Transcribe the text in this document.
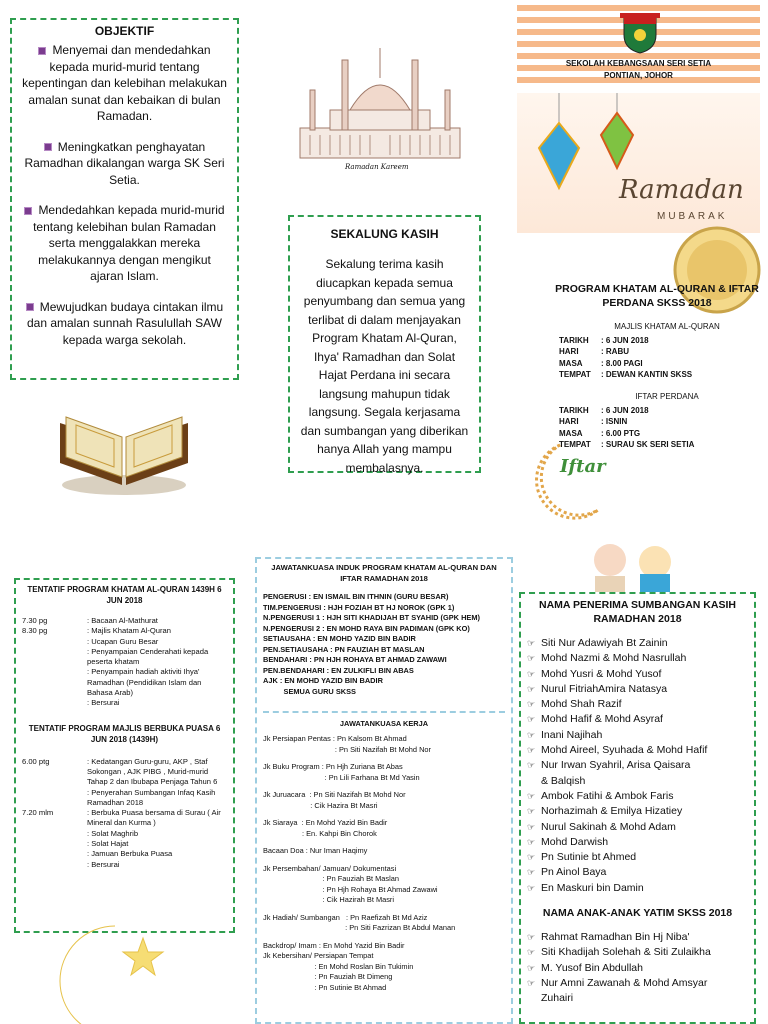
OBJEKTIF
Menyemai dan mendedahkan kepada murid-murid tentang kepentingan dan kelebihan melakukan amalan sunat dan kebaikan di bulan Ramadan.
Meningkatkan penghayatan Ramadhan dikalangan warga SK Seri Setia.
Mendedahkan kepada murid-murid tentang kelebihan bulan Ramadan serta menggalakkan mereka melakukannya dengan mengikut ajaran Islam.
Mewujudkan budaya cintakan ilmu dan amalan sunnah Rasulullah SAW kepada warga sekolah.
Ramadan Kareem
SEKALUNG KASIH

Sekalung terima kasih diucapkan kepada semua penyumbang dan semua yang terlibat di dalam menjayakan Program Khatam Al-Quran, Ihya' Ramadhan dan Solat Hajat Perdana ini secara langsung mahupun tidak langsung. Segala kerjasama dan sumbangan yang diberikan hanya Allah yang mampu membalasnya.

SEKOLAH KEBANGSAAN SERI SETIA
PONTIAN, JOHOR
Ramadan
MUBARAK
PROGRAM KHATAM AL-QURAN & IFTAR PERDANA SKSS 2018
MAJLIS KHATAM AL-QURAN
TARIKH	: 6 JUN 2018
HARI	: RABU
MASA	: 8.00 PAGI
TEMPAT	: DEWAN KANTIN SKSS
IFTAR PERDANA
TARIKH	: 6 JUN 2018
HARI	: ISNIN
MASA	: 6.00 PTG
TEMPAT	: SURAU SK SERI SETIA
Iftar
TENTATIF PROGRAM KHATAM AL-QURAN 1439H 6 JUN 2018
7.30 pg	: Bacaan Al-Mathurat
8.30 pg	: Majlis Khatam Al-Quran
: Ucapan Guru Besar
: Penyampaian Cenderahati kepada peserta khatam
: Penyampain hadiah aktiviti Ihya' Ramadhan (Pendidikan Islam dan Bahasa Arab)
: Bersurai
TENTATIF PROGRAM MAJLIS BERBUKA PUASA 6 JUN 2018 (1439H)
6.00 ptg	: Kedatangan Guru-guru, AKP , Staf Sokongan , AJK PIBG , Murid-murid Tahap 2 dan Ibubapa Penjaga Tahun 6
: Penyerahan Sumbangan Infaq Kasih Ramadhan 2018
7.20 mlm	: Berbuka Puasa bersama di Surau ( Air Mineral dan Kurma )
: Solat Maghrib
: Solat Hajat
: Jamuan Berbuka Puasa
: Bersurai
JAWATANKUASA INDUK PROGRAM KHATAM AL-QURAN DAN IFTAR RAMADHAN 2018
PENGERUSI : EN ISMAIL BIN ITHNIN (GURU BESAR)
TIM.PENGERUSI : HJH FOZIAH BT HJ NOROK (GPK 1)
N.PENGERUSI 1 : HJH SITI KHADIJAH BT SYAHID (GPK HEM)
N.PENGERUSI 2 : EN MOHD RAYA BIN PADIMAN (GPK KO)
SETIAUSAHA : EN MOHD YAZID BIN BADIR
PEN.SETIAUSAHA : PN FAUZIAH BT MASLAN
BENDAHARI : PN HJH ROHAYA BT AHMAD ZAWAWI
PEN.BENDAHARI : EN ZULKIFLI BIN ABAS
AJK : EN MOHD YAZID BIN BADIR
SEMUA GURU SKSS
JAWATANKUASA KERJA
Jk Persiapan Pentas : Pn Kalsom Bt Ahmad
: Pn Siti Nazifah Bt Mohd Nor
Jk Buku Program : Pn Hjh Zuriana Bt Abas
: Pn Lili Farhana Bt Md Yasin
Jk Juruacara  : Pn Siti Nazifah Bt Mohd Nor
: Cik Hazira Bt Masri
Jk Siaraya  : En Mohd Yazid Bin Badir
: En. Kahpi Bin Chorok
Bacaan Doa : Nur Iman Haqimy
Jk Persembahan/ Jamuan/ Dokumentasi
: Pn Fauziah Bt Maslan
: Pn Hjh Rohaya Bt Ahmad Zawawi
: Cik Hazirah Bt Masri
Jk Hadiah/ Sumbangan   : Pn Raefizah Bt Md Aziz
: Pn Siti Fazrizan Bt Abdul Manan
Backdrop/ Imam : En Mohd Yazid Bin Badir
Jk Kebersihan/ Persiapan Tempat
: En Mohd Roslan Bin Tukimin
: Pn Fauziah Bt Dimeng
: Pn Sutinie Bt Ahmad
NAMA PENERIMA SUMBANGAN KASIH RAMADHAN 2018
☞ Siti Nur Adawiyah Bt Zainin
☞ Mohd Nazmi & Mohd Nasrullah
☞ Mohd Yusri & Mohd Yusof
☞ Nurul FitriahAmira Natasya
☞ Mohd Shah Razif
☞ Mohd Hafif & Mohd Asyraf
☞ Inani Najihah
☞ Mohd Aireel, Syuhada & Mohd Hafif
☞ Nur Irwan Syahril, Arisa Qaisara
& Balqish
☞ Ambok Fatihi & Ambok Faris
☞ Norhazimah & Emilya Hizatiey
☞ Nurul Sakinah & Mohd Adam
☞ Mohd Darwish
☞ Pn Sutinie bt Ahmed
☞ Pn Ainol Baya
☞ En Maskuri bin Damin
NAMA ANAK-ANAK YATIM SKSS 2018
☞ Rahmat Ramadhan Bin Hj Niba'
☞ Siti Khadijah Solehah & Siti Zulaikha
☞ M. Yusof Bin Abdullah
☞ Nur Amni Zawanah & Mohd Amsyar
Zuhairi
